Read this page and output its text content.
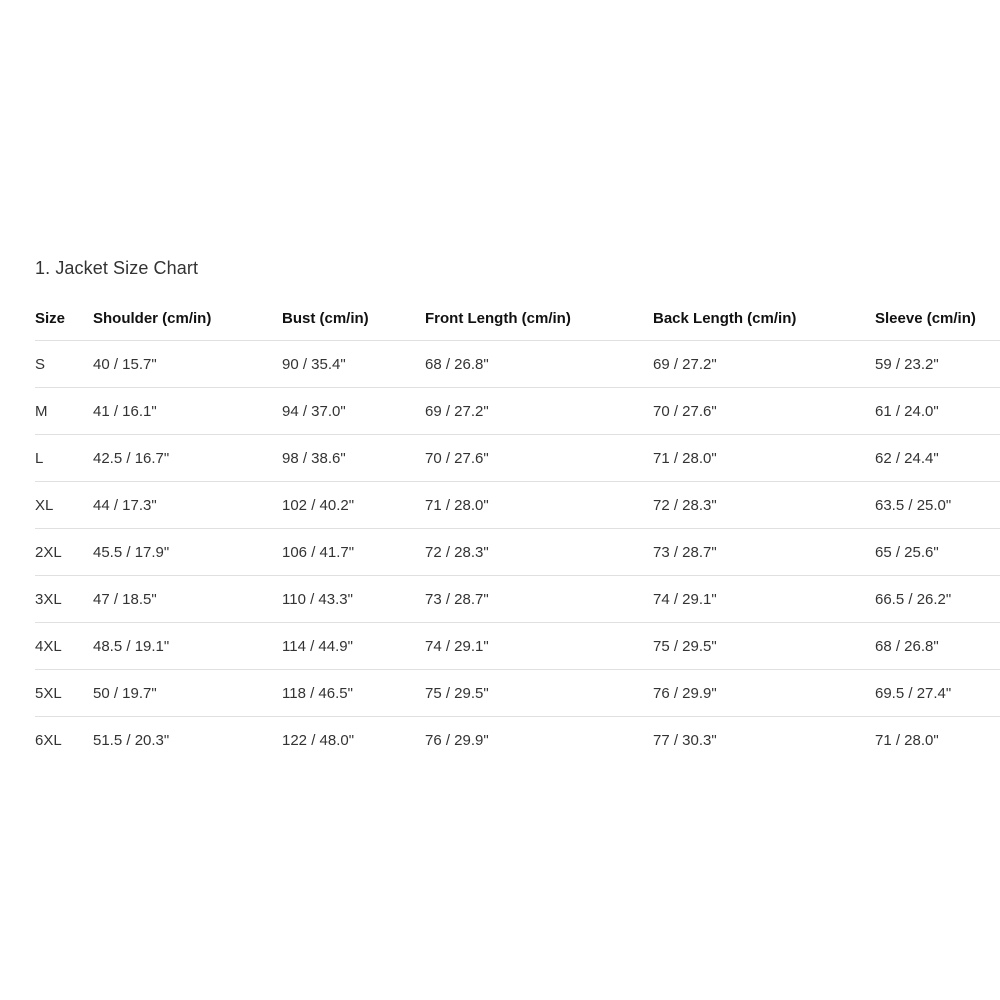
1. Jacket Size Chart
Size	Shoulder (cm/in)	Bust (cm/in)	Front Length (cm/in)	Back Length (cm/in)	Sleeve (cm/in)
S	40 / 15.7"	90 / 35.4"	68 / 26.8"	69 / 27.2"	59 / 23.2"
M	41 / 16.1"	94 / 37.0"	69 / 27.2"	70 / 27.6"	61 / 24.0"
L	42.5 / 16.7"	98 / 38.6"	70 / 27.6"	71 / 28.0"	62 / 24.4"
XL	44 / 17.3"	102 / 40.2"	71 / 28.0"	72 / 28.3"	63.5 / 25.0"
2XL	45.5 / 17.9"	106 / 41.7"	72 / 28.3"	73 / 28.7"	65 / 25.6"
3XL	47 / 18.5"	110 / 43.3"	73 / 28.7"	74 / 29.1"	66.5 / 26.2"
4XL	48.5 / 19.1"	114 / 44.9"	74 / 29.1"	75 / 29.5"	68 / 26.8"
5XL	50 / 19.7"	118 / 46.5"	75 / 29.5"	76 / 29.9"	69.5 / 27.4"
6XL	51.5 / 20.3"	122 / 48.0"	76 / 29.9"	77 / 30.3"	71 / 28.0"
